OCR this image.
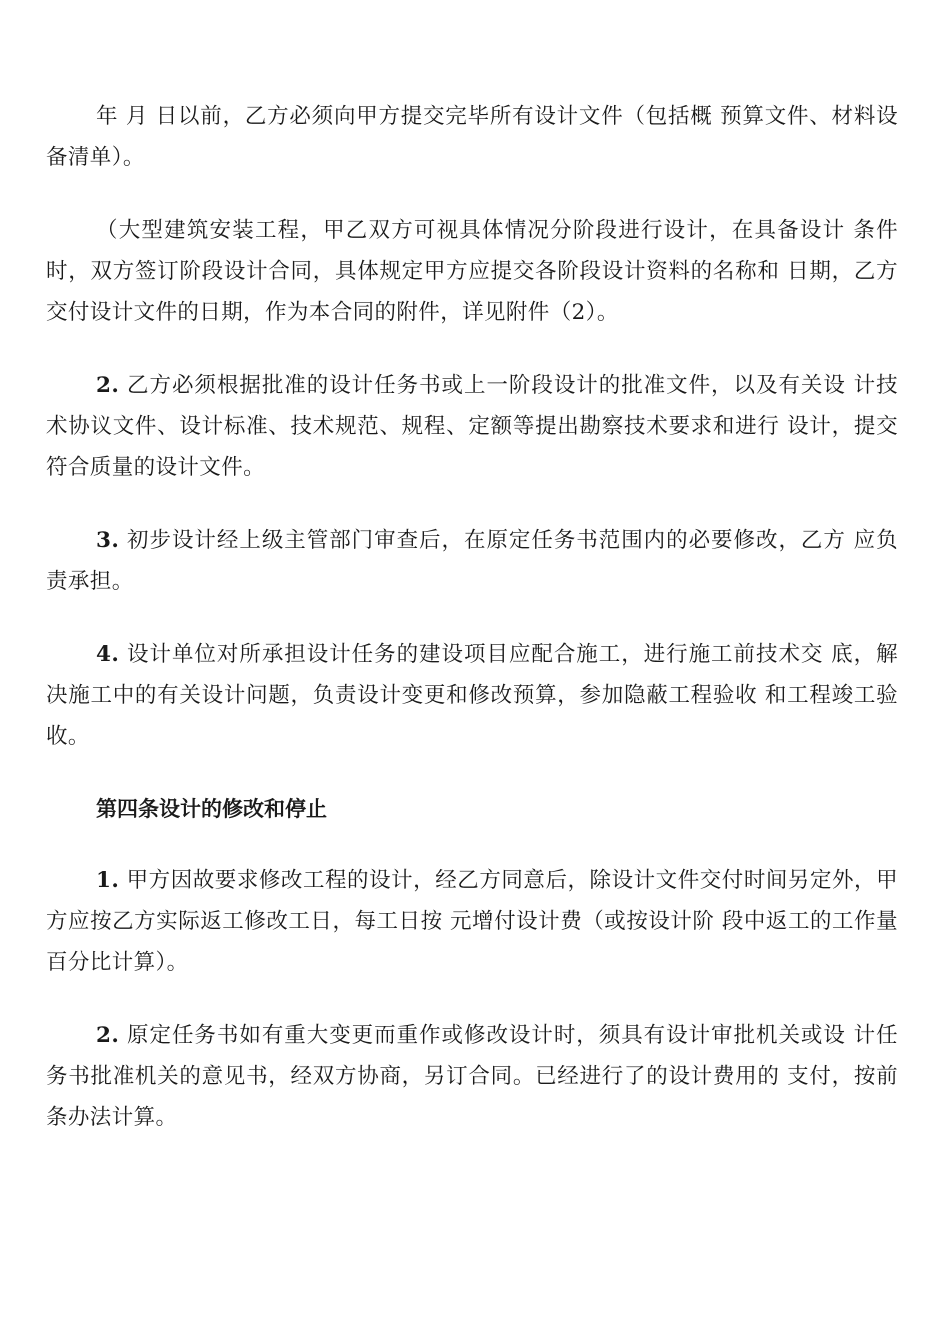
年 月 日以前，乙方必须向甲方提交完毕所有设计文件（包括概 预算文件、材料设备清单）。

（大型建筑安装工程，甲乙双方可视具体情况分阶段进行设计，在具备设计 条件时，双方签订阶段设计合同，具体规定甲方应提交各阶段设计资料的名称和 日期，乙方交付设计文件的日期，作为本合同的附件，详见附件（2）。

2. 乙方必须根据批准的设计任务书或上一阶段设计的批准文件，以及有关设 计技术协议文件、设计标准、技术规范、规程、定额等提出勘察技术要求和进行 设计，提交符合质量的设计文件。

3. 初步设计经上级主管部门审查后，在原定任务书范围内的必要修改，乙方 应负责承担。

4. 设计单位对所承担设计任务的建设项目应配合施工，进行施工前技术交 底，解决施工中的有关设计问题，负责设计变更和修改预算，参加隐蔽工程验收 和工程竣工验收。

第四条设计的修改和停止

1. 甲方因故要求修改工程的设计，经乙方同意后，除设计文件交付时间另定外，甲方应按乙方实际返工修改工日，每工日按 元增付设计费（或按设计阶 段中返工的工作量百分比计算）。

2. 原定任务书如有重大变更而重作或修改设计时，须具有设计审批机关或设 计任务书批准机关的意见书，经双方协商，另订合同。已经进行了的设计费用的 支付，按前条办法计算。
